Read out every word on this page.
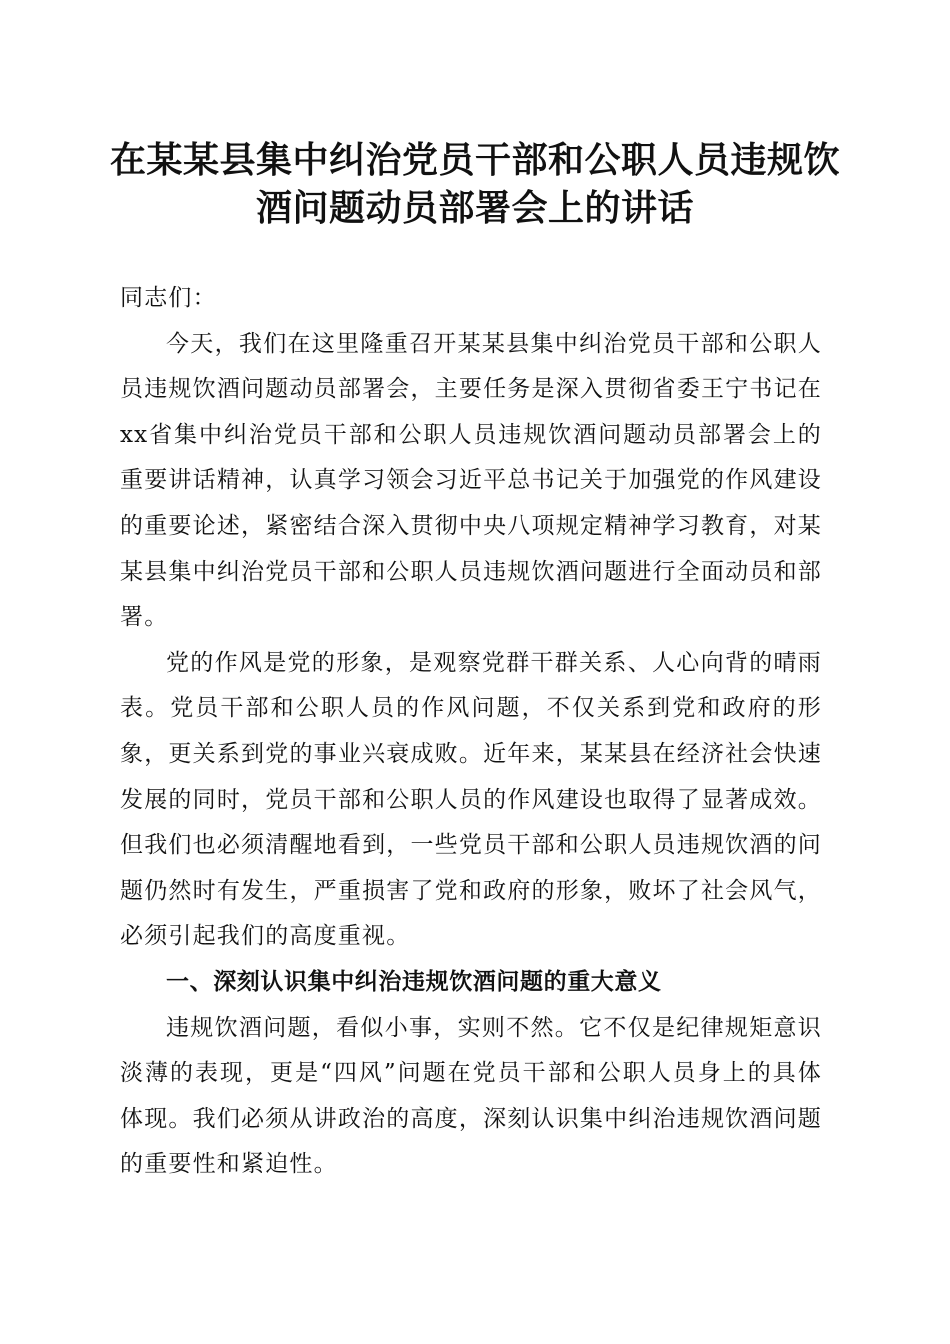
在某某县集中纠治党员干部和公职人员违规饮酒问题动员部署会上的讲话

同志们：

今天，我们在这里隆重召开某某县集中纠治党员干部和公职人员违规饮酒问题动员部署会，主要任务是深入贯彻省委王宁书记在xx省集中纠治党员干部和公职人员违规饮酒问题动员部署会上的重要讲话精神，认真学习领会习近平总书记关于加强党的作风建设的重要论述，紧密结合深入贯彻中央八项规定精神学习教育，对某某县集中纠治党员干部和公职人员违规饮酒问题进行全面动员和部署。

党的作风是党的形象，是观察党群干群关系、人心向背的晴雨表。党员干部和公职人员的作风问题，不仅关系到党和政府的形象，更关系到党的事业兴衰成败。近年来，某某县在经济社会快速发展的同时，党员干部和公职人员的作风建设也取得了显著成效。但我们也必须清醒地看到，一些党员干部和公职人员违规饮酒的问题仍然时有发生，严重损害了党和政府的形象，败坏了社会风气，必须引起我们的高度重视。

一、深刻认识集中纠治违规饮酒问题的重大意义

违规饮酒问题，看似小事，实则不然。它不仅是纪律规矩意识淡薄的表现，更是“四风”问题在党员干部和公职人员身上的具体体现。我们必须从讲政治的高度，深刻认识集中纠治违规饮酒问题的重要性和紧迫性。
